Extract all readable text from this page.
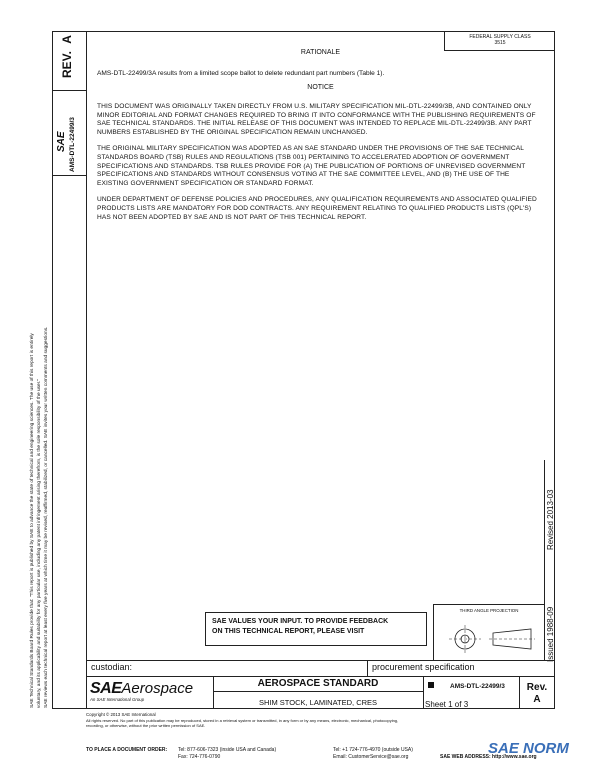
REV. A
SAE AMS-DTL-22499/3
FEDERAL SUPPLY CLASS
3515
RATIONALE
AMS-DTL-22499/3A results from a limited scope ballot to delete redundant part numbers (Table 1).
NOTICE

THIS DOCUMENT WAS ORIGINALLY TAKEN DIRECTLY FROM U.S. MILITARY SPECIFICATION MIL-DTL-22499/3B, AND CONTAINED ONLY MINOR EDITORIAL AND FORMAT CHANGES REQUIRED TO BRING IT INTO CONFORMANCE WITH THE PUBLISHING REQUIREMENTS OF SAE TECHNICAL STANDARDS. THE INITIAL RELEASE OF THIS DOCUMENT WAS INTENDED TO REPLACE MIL-DTL-22499/3B. ANY PART NUMBERS ESTABLISHED BY THE ORIGINAL SPECIFICATION REMAIN UNCHANGED.

THE ORIGINAL MILITARY SPECIFICATION WAS ADOPTED AS AN SAE STANDARD UNDER THE PROVISIONS OF THE SAE TECHNICAL STANDARDS BOARD (TSB) RULES AND REGULATIONS (TSB 001) PERTAINING TO ACCELERATED ADOPTION OF GOVERNMENT SPECIFICATIONS AND STANDARDS. TSB RULES PROVIDE FOR (A) THE PUBLICATION OF PORTIONS OF UNREVISED GOVERNMENT SPECIFICATIONS AND STANDARDS WITHOUT CONSENSUS VOTING AT THE SAE COMMITTEE LEVEL, AND (B) THE USE OF THE EXISTING GOVERNMENT SPECIFICATION OR STANDARD FORMAT.

UNDER DEPARTMENT OF DEFENSE POLICIES AND PROCEDURES, ANY QUALIFICATION REQUIREMENTS AND ASSOCIATED QUALIFIED PRODUCTS LISTS ARE MANDATORY FOR DOD CONTRACTS. ANY REQUIREMENT RELATING TO QUALIFIED PRODUCTS LISTS (QPL'S) HAS NOT BEEN ADOPTED BY SAE AND IS NOT PART OF THIS TECHNICAL REPORT.

Issued 1988-09
Revised 2013-03
SAE VALUES YOUR INPUT. TO PROVIDE FEEDBACK
ON THIS TECHNICAL REPORT, PLEASE VISIT
THIRD ANGLE PROJECTION
custodian:	procurement specification
SAEAerospace
An SAE International Group
AEROSPACE STANDARD
SHIM STOCK, LAMINATED, CRES
AMS-DTL-22499/3
Sheet 1 of 3
Rev.
A
SAE Technical Standards Board Rules provide that: "This report is published by SAE to advance the state of technical and engineering sciences. The use of this report is entirely voluntary, and its applicability and suitability for any particular use, including any patent infringement arising therefrom, is the sole responsibility of the user." SAE reviews each technical report at least every five years at which time it may be revised, reaffirmed, stabilized, or cancelled. SAE invites your written comments and suggestions.
Copyright © 2013 SAE International
All rights reserved. No part of this publication may be reproduced, stored in a retrieval system or transmitted, in any form or by any means, electronic, mechanical, photocopying,
recording, or otherwise, without the prior written permission of SAE.
TO PLACE A DOCUMENT ORDER: Tel: 877-606-7323 (inside USA and Canada)
Fax: 724-776-0790
Tel: +1 724-776-4970 (outside USA)
Email: CustomerService@sae.org	SAE WEB ADDRESS: http://www.sae.org
SAE NORM
